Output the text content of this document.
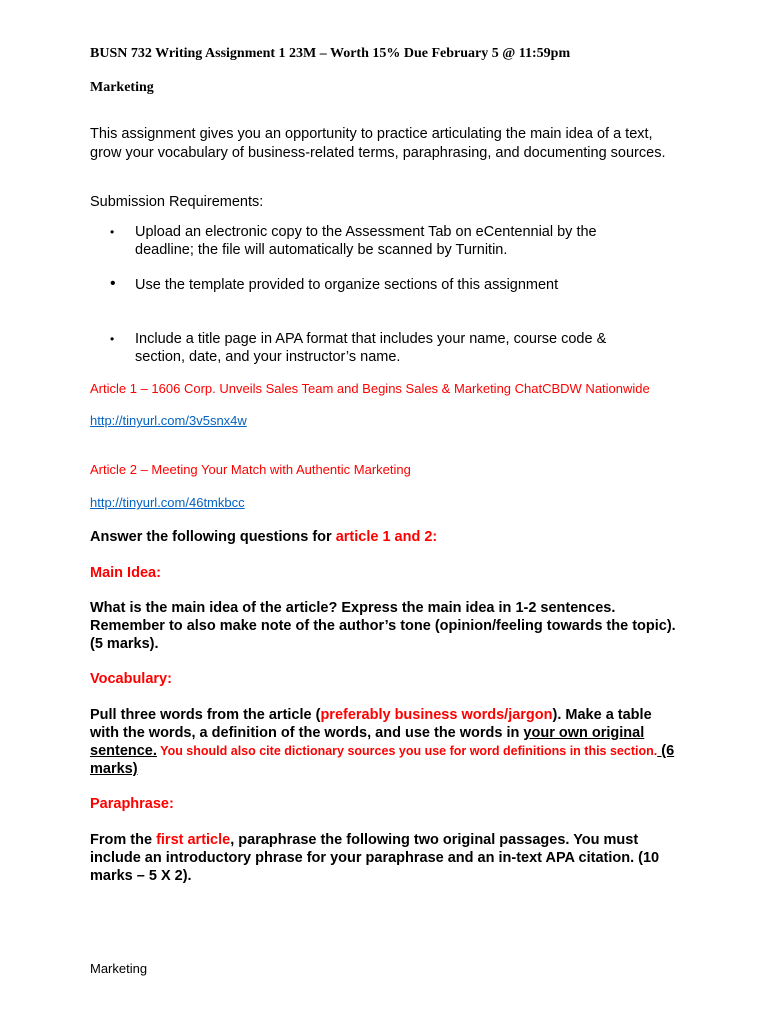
BUSN 732 Writing Assignment 1 23M – Worth 15% Due February 5 @ 11:59pm
Marketing

This assignment gives you an opportunity to practice articulating the main idea of a text, grow your vocabulary of business-related terms, paraphrasing, and documenting sources.

Submission Requirements:
• Upload an electronic copy to the Assessment Tab on eCentennial by the deadline; the file will automatically be scanned by Turnitin.
• Use the template provided to organize sections of this assignment
• Include a title page in APA format that includes your name, course code & section, date, and your instructor’s name.
Article 1 – 1606 Corp. Unveils Sales Team and Begins Sales & Marketing ChatCBDW Nationwide
http://tinyurl.com/3v5snx4w
Article 2 – Meeting Your Match with Authentic Marketing
http://tinyurl.com/46tmkbcc
Answer the following questions for article 1 and 2:
Main Idea:

What is the main idea of the article? Express the main idea in 1-2 sentences. Remember to also make note of the author’s tone (opinion/feeling towards the topic). (5 marks).

Vocabulary:

Pull three words from the article (preferably business words/jargon). Make a table with the words, a definition of the words, and use the words in your own original sentence. You should also cite dictionary sources you use for word definitions in this section. (6 marks)

Paraphrase:

From the first article, paraphrase the following two original passages. You must include an introductory phrase for your paraphrase and an in-text APA citation. (10 marks – 5 X 2).

Marketing
